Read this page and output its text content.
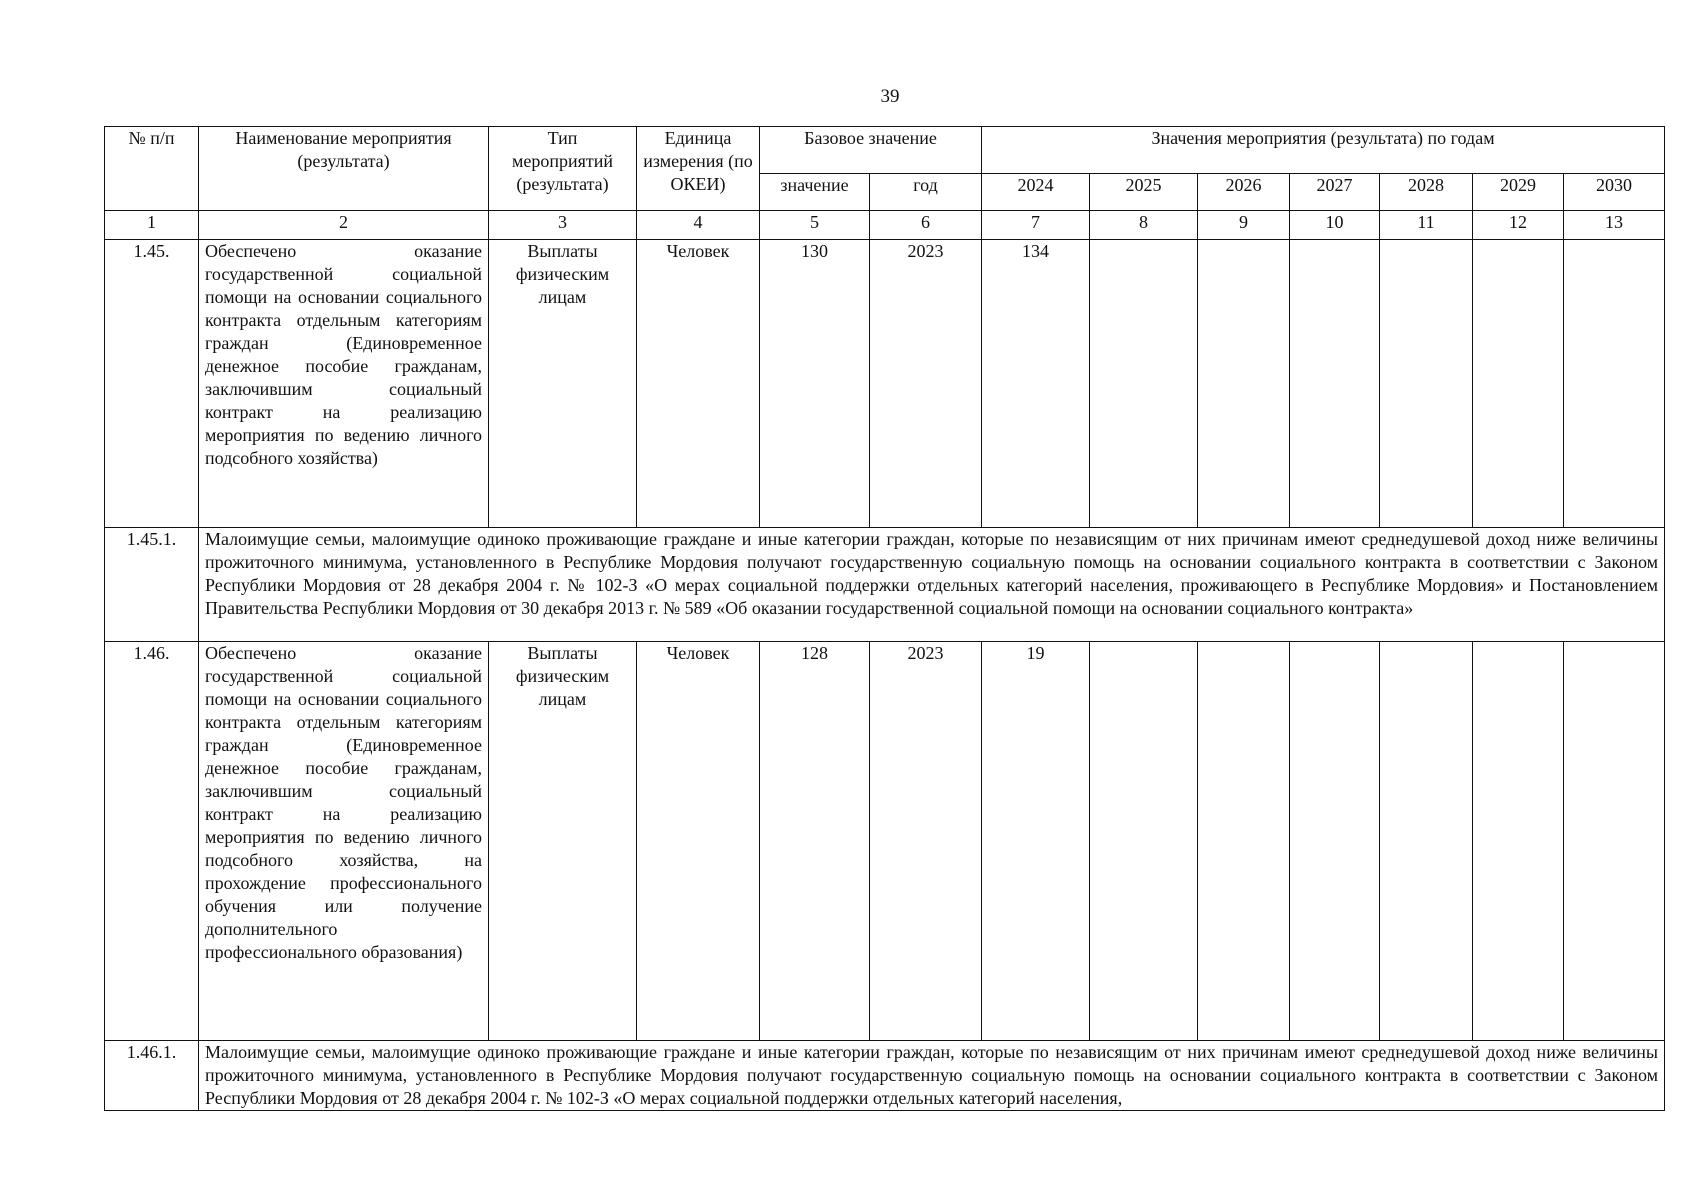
39
№ п/п	Наименование мероприятия (результата)	Тип мероприятий (результата)	Единица измерения (по ОКЕИ)	Базовое значение		Значения мероприятия (результата) по годам						
				значение	год	2024	2025	2026	2027	2028	2029	2030
1	2	3	4	5	6	7	8	9	10	11	12	13
1.45.	Обеспечено оказание государственной социальной помощи на основании социального контракта отдельным категориям граждан (Единовременное денежное пособие гражданам, заключившим социальный контракт на реализацию мероприятия по ведению личного подсобного хозяйства)	Выплаты физическим лицам	Человек	130	2023	134						
1.45.1.	Малоимущие семьи, малоимущие одиноко проживающие граждане и иные категории граждан, которые по независящим от них причинам имеют среднедушевой доход ниже величины прожиточного минимума, установленного в Республике Мордовия получают государственную социальную помощь на основании социального контракта в соответствии с Законом Республики Мордовия от 28 декабря 2004 г. № 102-З «О мерах социальной поддержки отдельных категорий населения, проживающего в Республике Мордовия» и Постановлением Правительства Республики Мордовия от 30 декабря 2013 г. № 589 «Об оказании государственной социальной помощи на основании социального контракта»											
1.46.	Обеспечено оказание государственной социальной помощи на основании социального контракта отдельным категориям граждан (Единовременное денежное пособие гражданам, заключившим социальный контракт на реализацию мероприятия по ведению личного подсобного хозяйства, на прохождение профессионального обучения или получение дополнительного профессионального образования)	Выплаты физическим лицам	Человек	128	2023	19						
1.46.1.	Малоимущие семьи, малоимущие одиноко проживающие граждане и иные категории граждан, которые по независящим от них причинам имеют среднедушевой доход ниже величины прожиточного минимума, установленного в Республике Мордовия получают государственную социальную помощь на основании социального контракта в соответствии с Законом Республики Мордовия от 28 декабря 2004 г. № 102-З «О мерах социальной поддержки отдельных категорий населения,											
